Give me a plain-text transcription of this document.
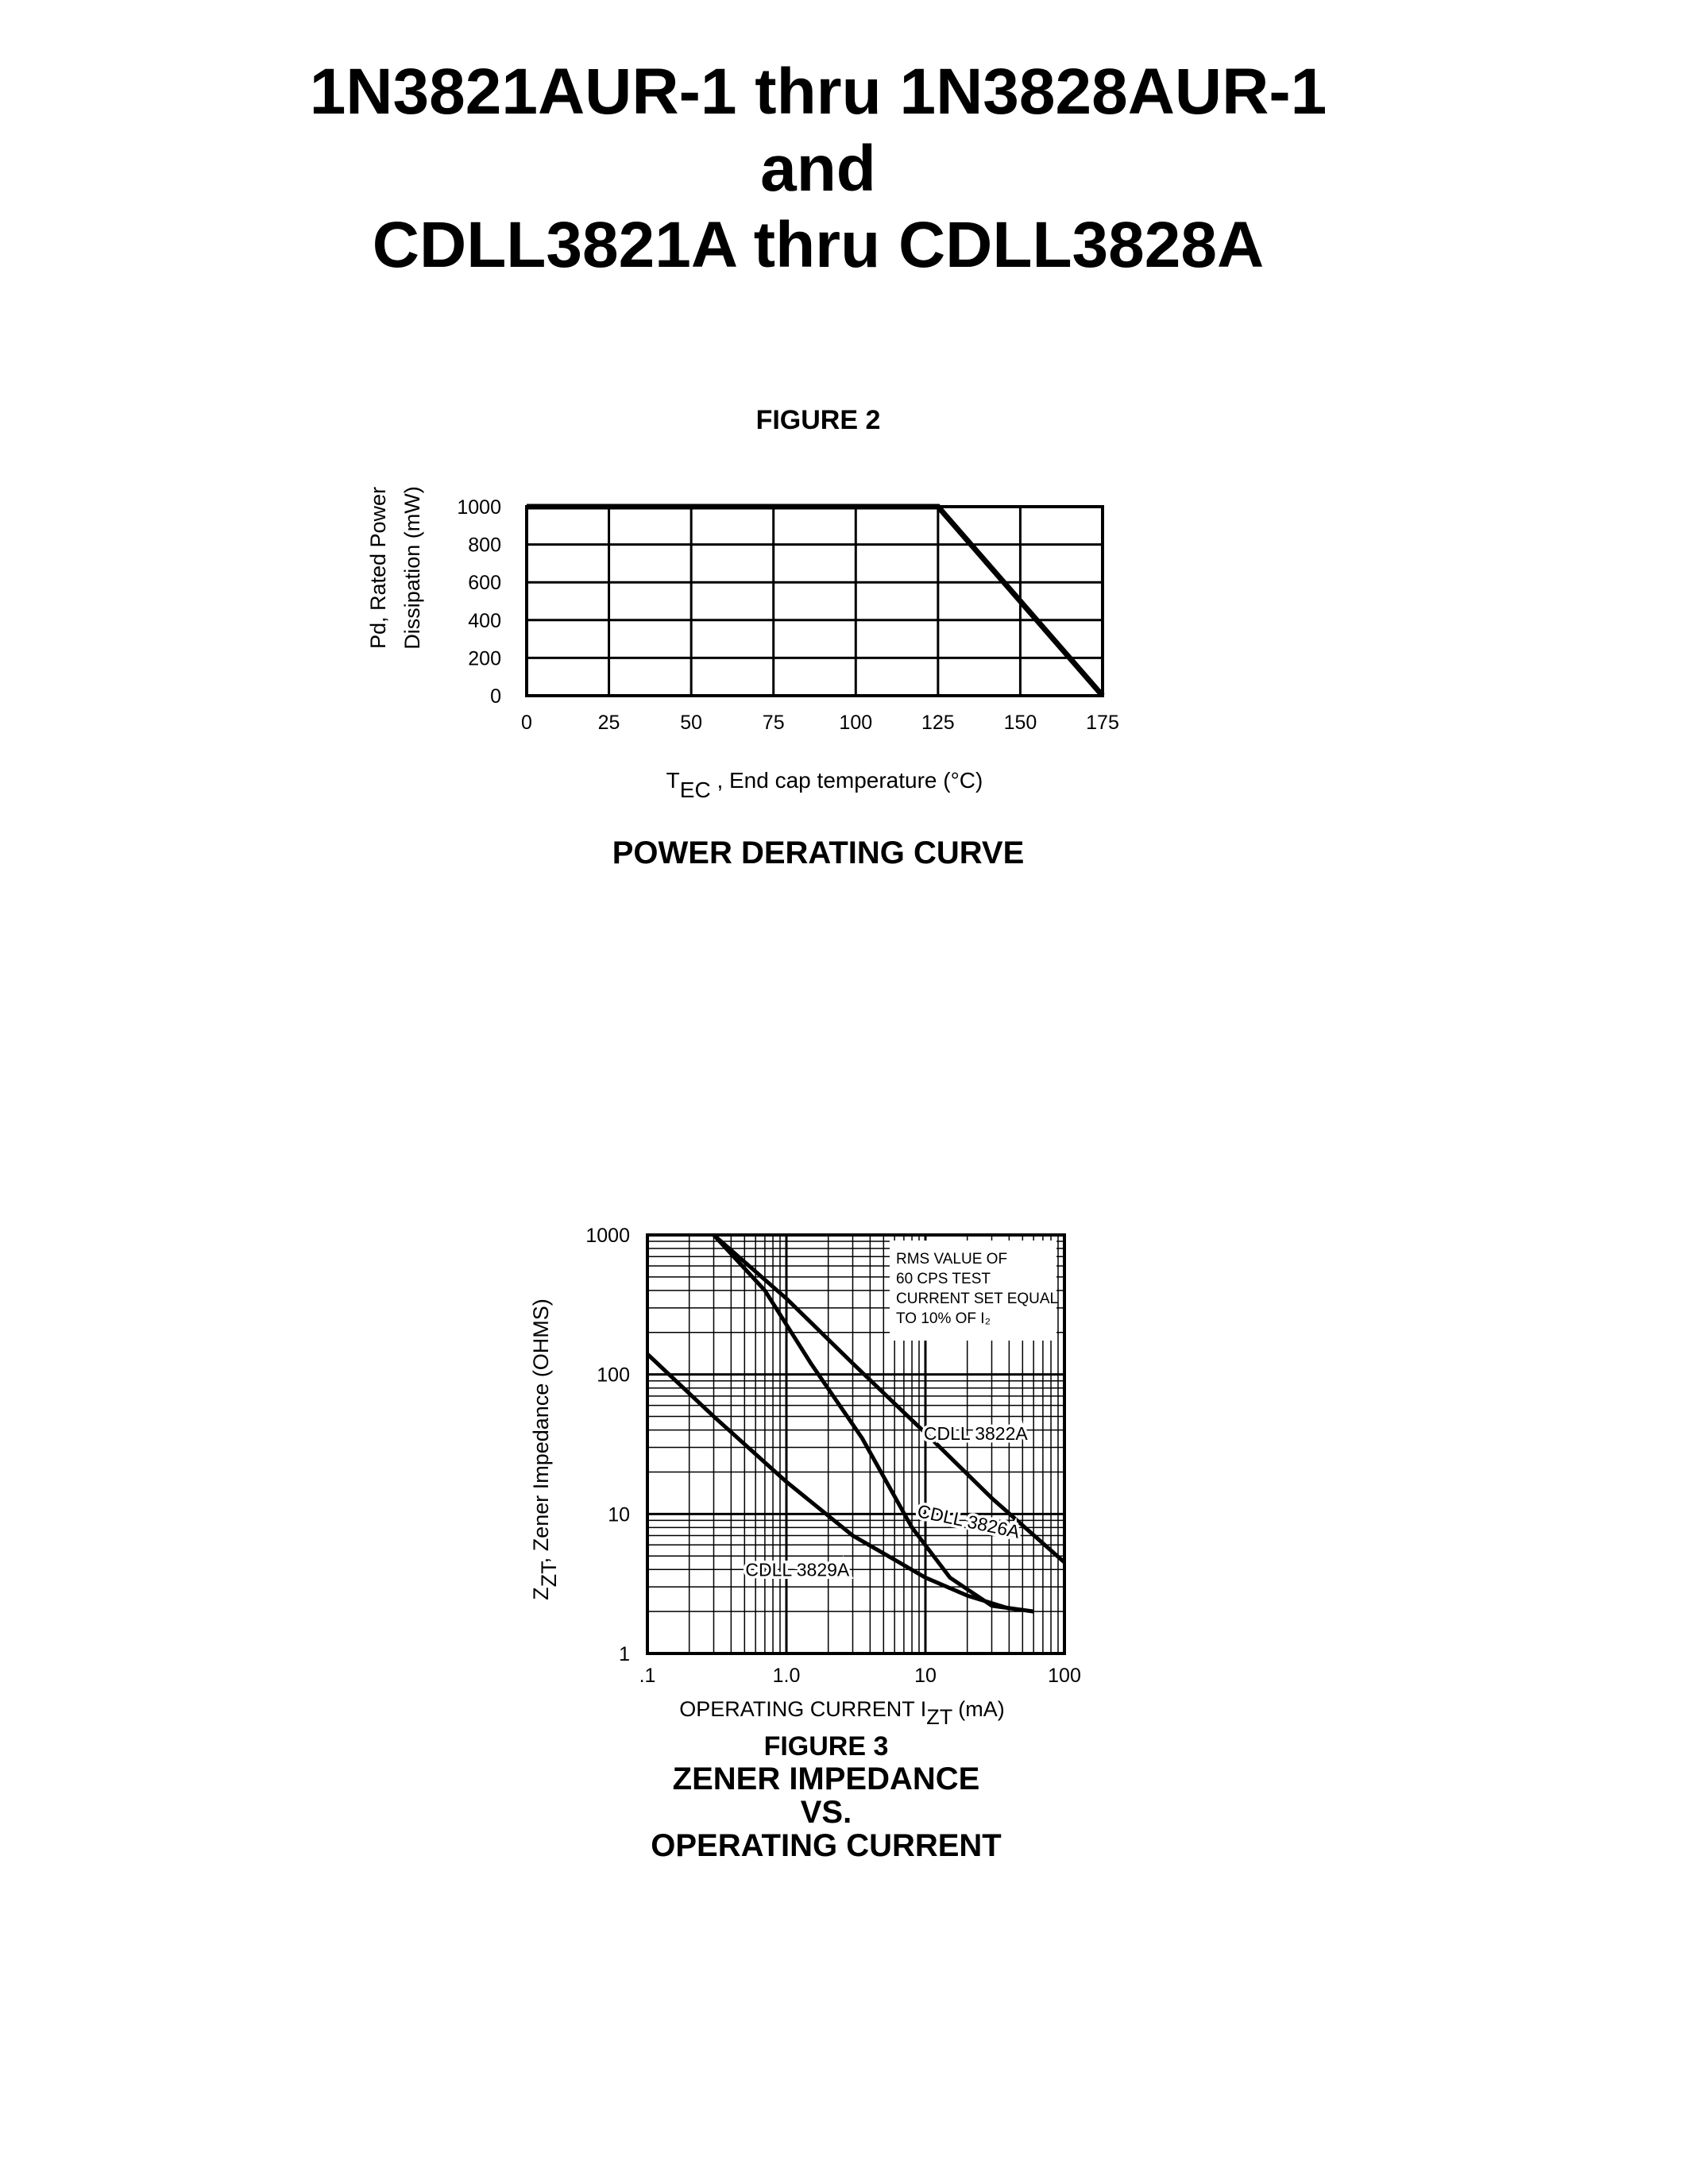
1N3821AUR-1 thru 1N3828AUR-1
and
CDLL3821A thru CDLL3828A
FIGURE 2
0
200
400
600
800
1000
0	25	50	75	100 125 150 175
Pd, Rated Power Dissipation (mW)
TEC , End cap temperature (°C)
POWER DERATING CURVE
1
10
100
1000
.1	1.0	10	100
CDLL 3822A
CDLL 3826A
CDLL 3829A
RMS VALUE OF
60 CPS TEST
CURRENT SET EQUAL
TO 10% OF I₂
ZZT, Zener Impedance (OHMS)
OPERATING CURRENT IZT (mA)
FIGURE 3
ZENER IMPEDANCE
VS.
OPERATING CURRENT
